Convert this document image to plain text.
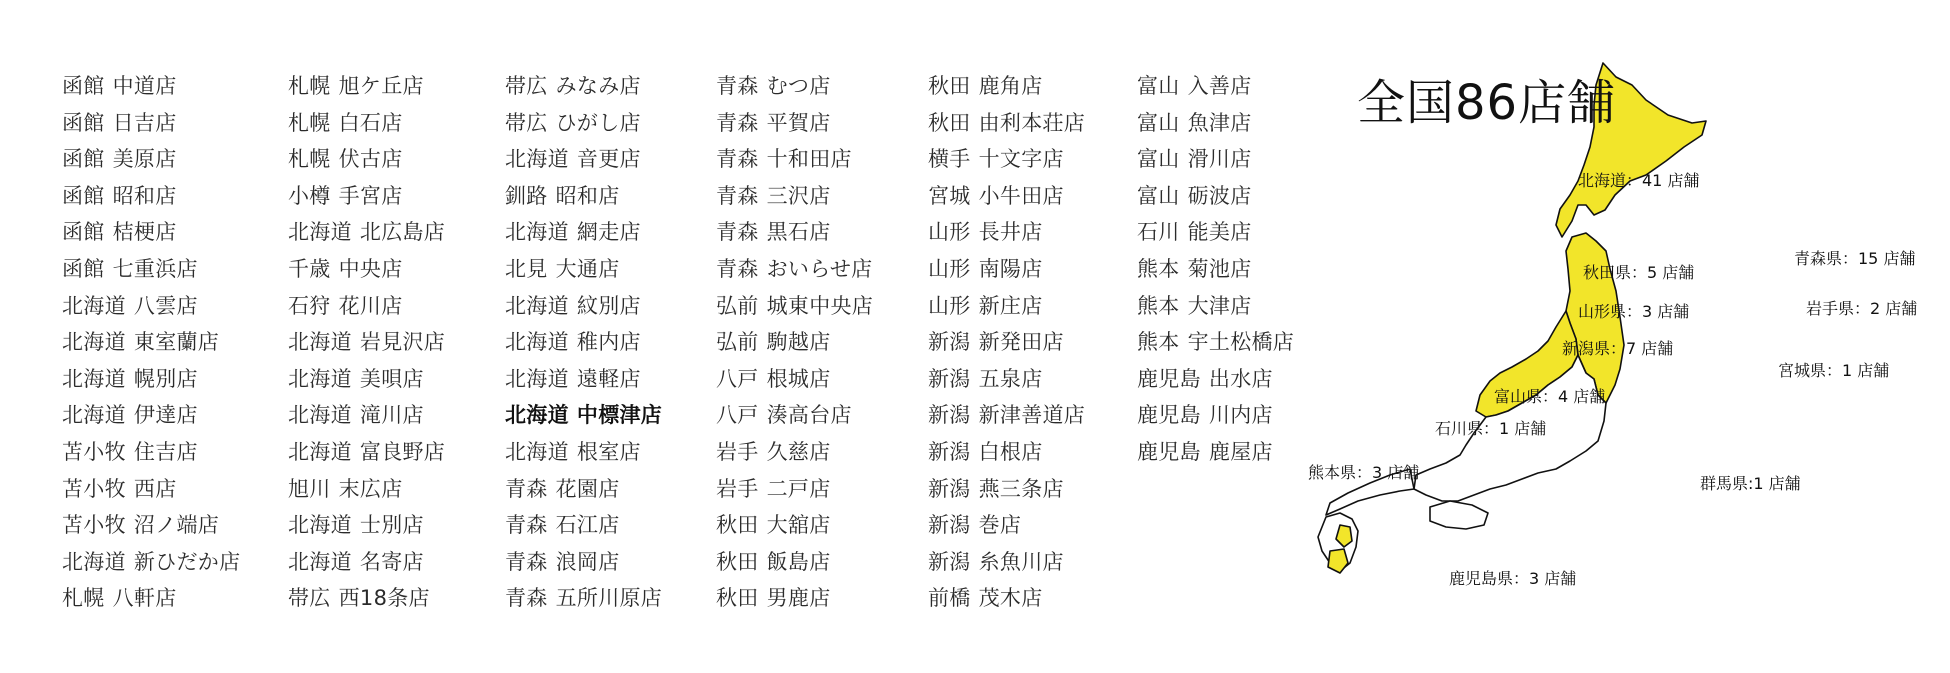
函館 中道店
函館 日吉店
函館 美原店
函館 昭和店
函館 桔梗店
函館 七重浜店
北海道 八雲店
北海道 東室蘭店
北海道 幌別店
北海道 伊達店
苫小牧 住吉店
苫小牧 西店
苫小牧 沼ノ端店
北海道 新ひだか店
札幌 八軒店
札幌 旭ケ丘店
札幌 白石店
札幌 伏古店
小樽 手宮店
北海道 北広島店
千歳 中央店
石狩 花川店
北海道 岩見沢店
北海道 美唄店
北海道 滝川店
北海道 富良野店
旭川 末広店
北海道 士別店
北海道 名寄店
帯広 西18条店
帯広 みなみ店
帯広 ひがし店
北海道 音更店
釧路 昭和店
北海道 網走店
北見 大通店
北海道 紋別店
北海道 稚内店
北海道 遠軽店
北海道 中標津店
北海道 根室店
青森 花園店
青森 石江店
青森 浪岡店
青森 五所川原店
青森 むつ店
青森 平賀店
青森 十和田店
青森 三沢店
青森 黒石店
青森 おいらせ店
弘前 城東中央店
弘前 駒越店
八戸 根城店
八戸 湊高台店
岩手 久慈店
岩手 二戸店
秋田 大舘店
秋田 飯島店
秋田 男鹿店
秋田 鹿角店
秋田 由利本荘店
横手 十文字店
宮城 小牛田店
山形 長井店
山形 南陽店
山形 新庄店
新潟 新発田店
新潟 五泉店
新潟 新津善道店
新潟 白根店
新潟 燕三条店
新潟 巻店
新潟 糸魚川店
前橋 茂木店
富山 入善店
富山 魚津店
富山 滑川店
富山 砺波店
石川 能美店
熊本 菊池店
熊本 大津店
熊本 宇土松橋店
鹿児島 出水店
鹿児島 川内店
鹿児島 鹿屋店
全国86店舗
北海道：41 店舗
青森県：15 店舗
秋田県：5 店舗
岩手県：2 店舗
山形県：3 店舗
新潟県：7 店舗
宮城県：1 店舗
富山県：4 店舗
石川県：1 店舗
熊本県：3 店舗
群馬県:1 店舗
鹿児島県：3 店舗
